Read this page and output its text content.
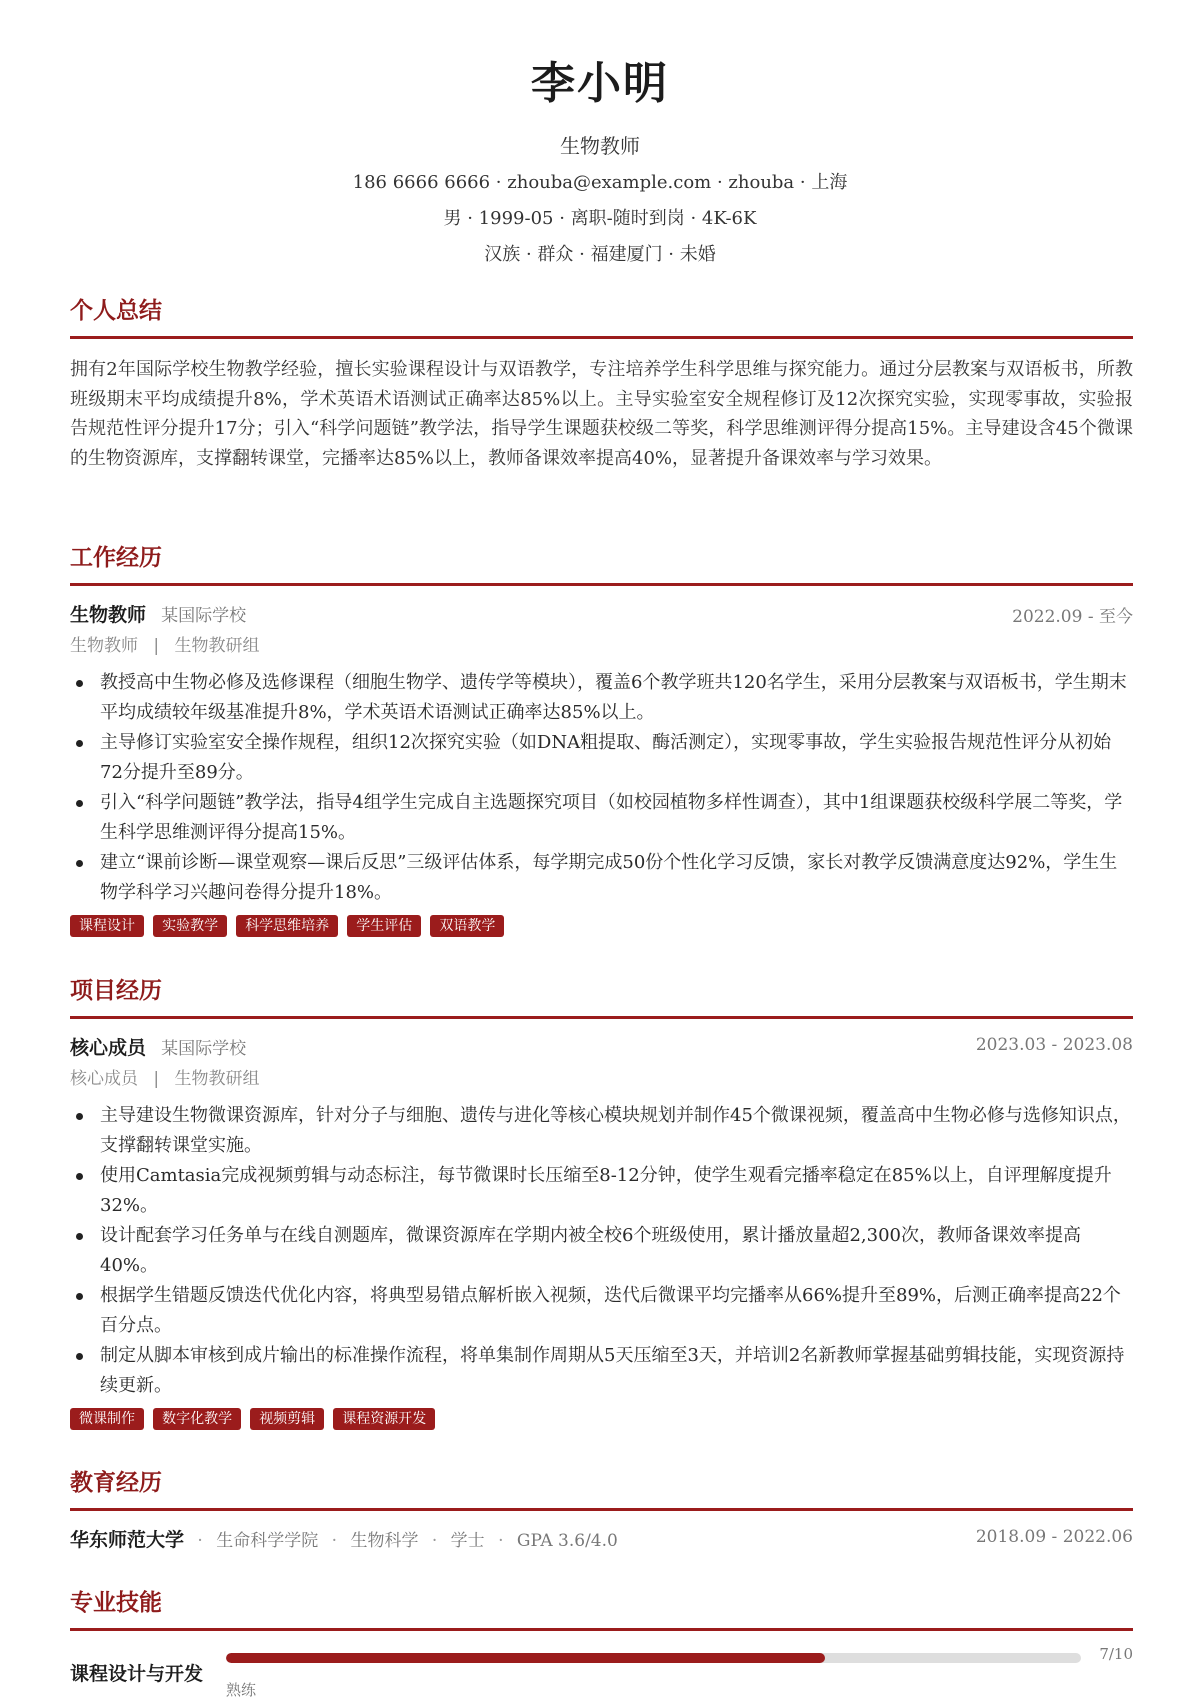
李小明
生物教师
186 6666 6666 · zhouba@example.com · zhouba · 上海
男 · 1999-05 · 离职-随时到岗 · 4K-6K
汉族 · 群众 · 福建厦门 · 未婚
个人总结
拥有2年国际学校生物教学经验，擅长实验课程设计与双语教学，专注培养学生科学思维与探究能力。通过分层教案与双语板书，所教班级期末平均成绩提升8%，学术英语术语测试正确率达85%以上。主导实验室安全规程修订及12次探究实验，实现零事故，实验报告规范性评分提升17分；引入“科学问题链”教学法，指导学生课题获校级二等奖，科学思维测评得分提高15%。主导建设含45个微课的生物资源库，支撑翻转课堂，完播率达85%以上，教师备课效率提高40%，显著提升备课效率与学习效果。
工作经历
生物教师 某国际学校	2022.09 - 至今
生物教师 | 生物教研组
教授高中生物必修及选修课程（细胞生物学、遗传学等模块），覆盖6个教学班共120名学生，采用分层教案与双语板书，学生期末平均成绩较年级基准提升8%，学术英语术语测试正确率达85%以上。
主导修订实验室安全操作规程，组织12次探究实验（如DNA粗提取、酶活测定），实现零事故，学生实验报告规范性评分从初始72分提升至89分。
引入“科学问题链”教学法，指导4组学生完成自主选题探究项目（如校园植物多样性调查），其中1组课题获校级科学展二等奖，学生科学思维测评得分提高15%。
建立“课前诊断—课堂观察—课后反思”三级评估体系，每学期完成50份个性化学习反馈，家长对教学反馈满意度达92%，学生生物学科学习兴趣问卷得分提升18%。
课程设计 实验教学 科学思维培养 学生评估 双语教学
项目经历
核心成员 某国际学校	2023.03 - 2023.08
核心成员 | 生物教研组
主导建设生物微课资源库，针对分子与细胞、遗传与进化等核心模块规划并制作45个微课视频，覆盖高中生物必修与选修知识点，支撑翻转课堂实施。
使用Camtasia完成视频剪辑与动态标注，每节微课时长压缩至8-12分钟，使学生观看完播率稳定在85%以上，自评理解度提升32%。
设计配套学习任务单与在线自测题库，微课资源库在学期内被全校6个班级使用，累计播放量超2,300次，教师备课效率提高40%。
根据学生错题反馈迭代优化内容，将典型易错点解析嵌入视频，迭代后微课平均完播率从66%提升至89%，后测正确率提高22个百分点。
制定从脚本审核到成片输出的标准操作流程，将单集制作周期从5天压缩至3天，并培训2名新教师掌握基础剪辑技能，实现资源持续更新。
微课制作 数字化教学 视频剪辑 课程资源开发
教育经历
华东师范大学 · 生命科学学院 · 生物科学 · 学士 · GPA 3.6/4.0	2018.09 - 2022.06
专业技能
课程设计与开发
7/10
熟练
